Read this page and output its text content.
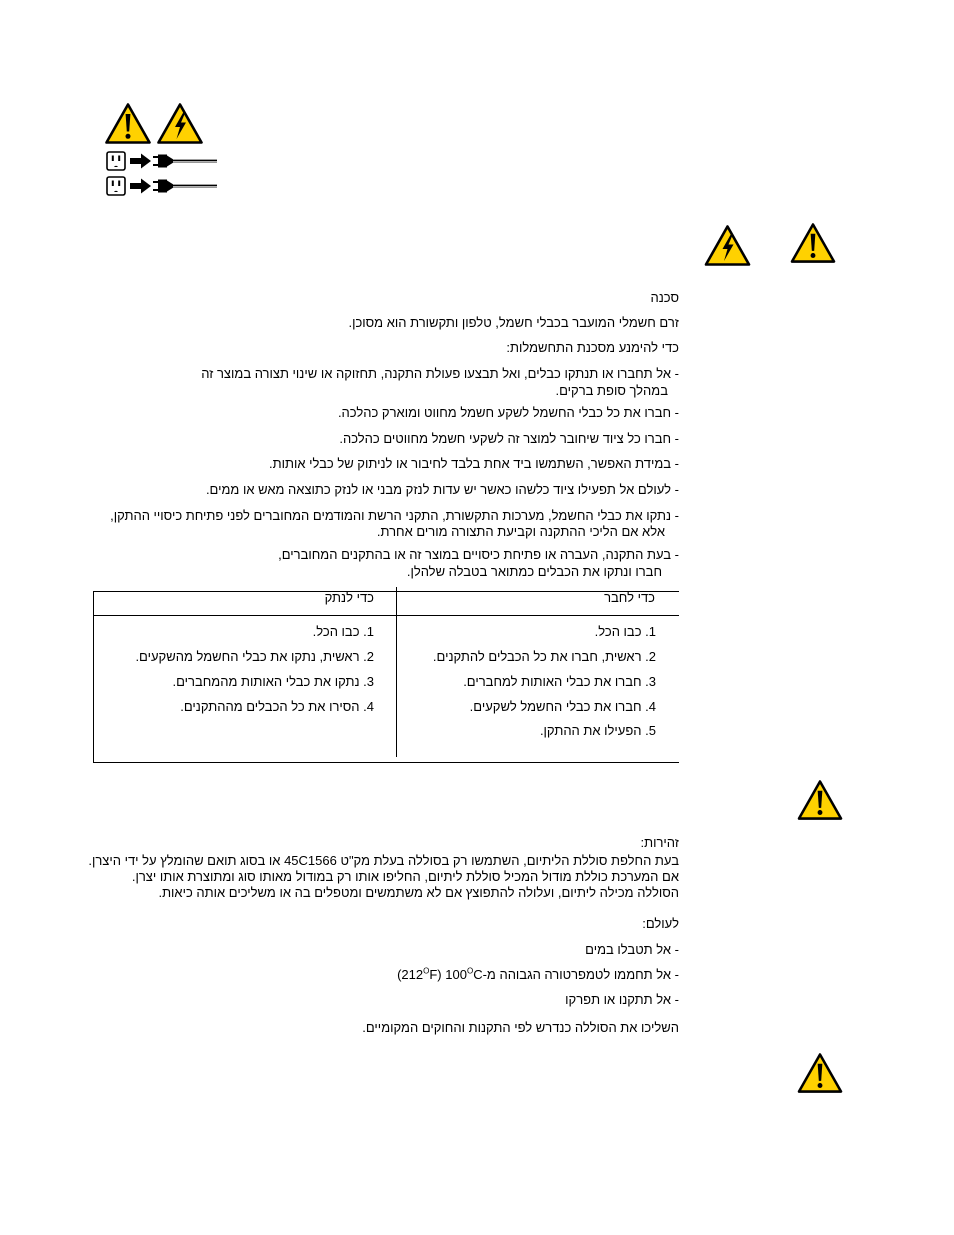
סכנה
זרם חשמלי המועבר בכבלי חשמל, טלפון ותקשורת הוא מסוכן.
כדי להימנע מסכנת התחשמלות:
- אל תחברו או תנתקו כבלים, ואל תבצעו פעולת התקנה, תחזוקה או שינוי תצורה במוצר זה
במהלך סופת ברקים.
- חברו את כל כבלי החשמל לשקע חשמל מחווט ומוארק כהלכה.
- חברו כל ציוד שיחובר למוצר זה לשקעי חשמל מחווטים כהלכה.
- במידת האפשר, השתמשו ביד אחת בלבד לחיבור או לניתוק של כבלי אותות.
- לעולם אל תפעילו ציוד כלשהו כאשר יש עדות לנזק מבני או לנזק כתוצאה מאש או ממים.
- נתקו את כבלי החשמל, מערכות התקשורת, התקני הרשת והמודמים המחוברים לפני פתיחת כיסויי ההתקן,
אלא אם הליכי ההתקנה וקביעת התצורה מורים אחרת.
- בעת התקנה, העברה או פתיחת כיסויים במוצר זה או בהתקנים המחוברים,
חברו ונתקו את הכבלים כמתואר בטבלה שלהלן.
כדי לנתק	כדי לחבר
1. כבו הכל.
2. ראשית, נתקו את כבלי החשמל מהשקעים.
3. נתקו את כבלי האותות מהמחברים.
4. הסירו את כל הכבלים מההתקנים.
1. כבו הכל.
2. ראשית, חברו את כל הכבלים להתקנים.
3. חברו את כבלי האותות למחברים.
4. חברו את כבלי החשמל לשקעים.
5. הפעילו את ההתקן.
זהירות:
בעת החלפת סוללת הליתיום, השתמשו רק בסוללה בעלת מק"ט 45C1566 או בסוג תואם שהומלץ על ידי היצרן.
אם המערכת כוללת מודול המכיל סוללת ליתיום, החליפו אותו רק במודול מאותו סוג ומתוצרת אותו יצרן.
הסוללה מכילה ליתיום, ועלולה להתפוצץ אם לא משתמשים ומטפלים בה או משליכים אותה כיאות.
לעולם:
- אל תטבלו במים
- אל תחממו לטמפרטורה הגבוהה $מ-100^OC$ $(212^OF)$
- אל תתקנו או תפרקו
השליכו את הסוללה כנדרש לפי התקנות והחוקים המקומיים.
